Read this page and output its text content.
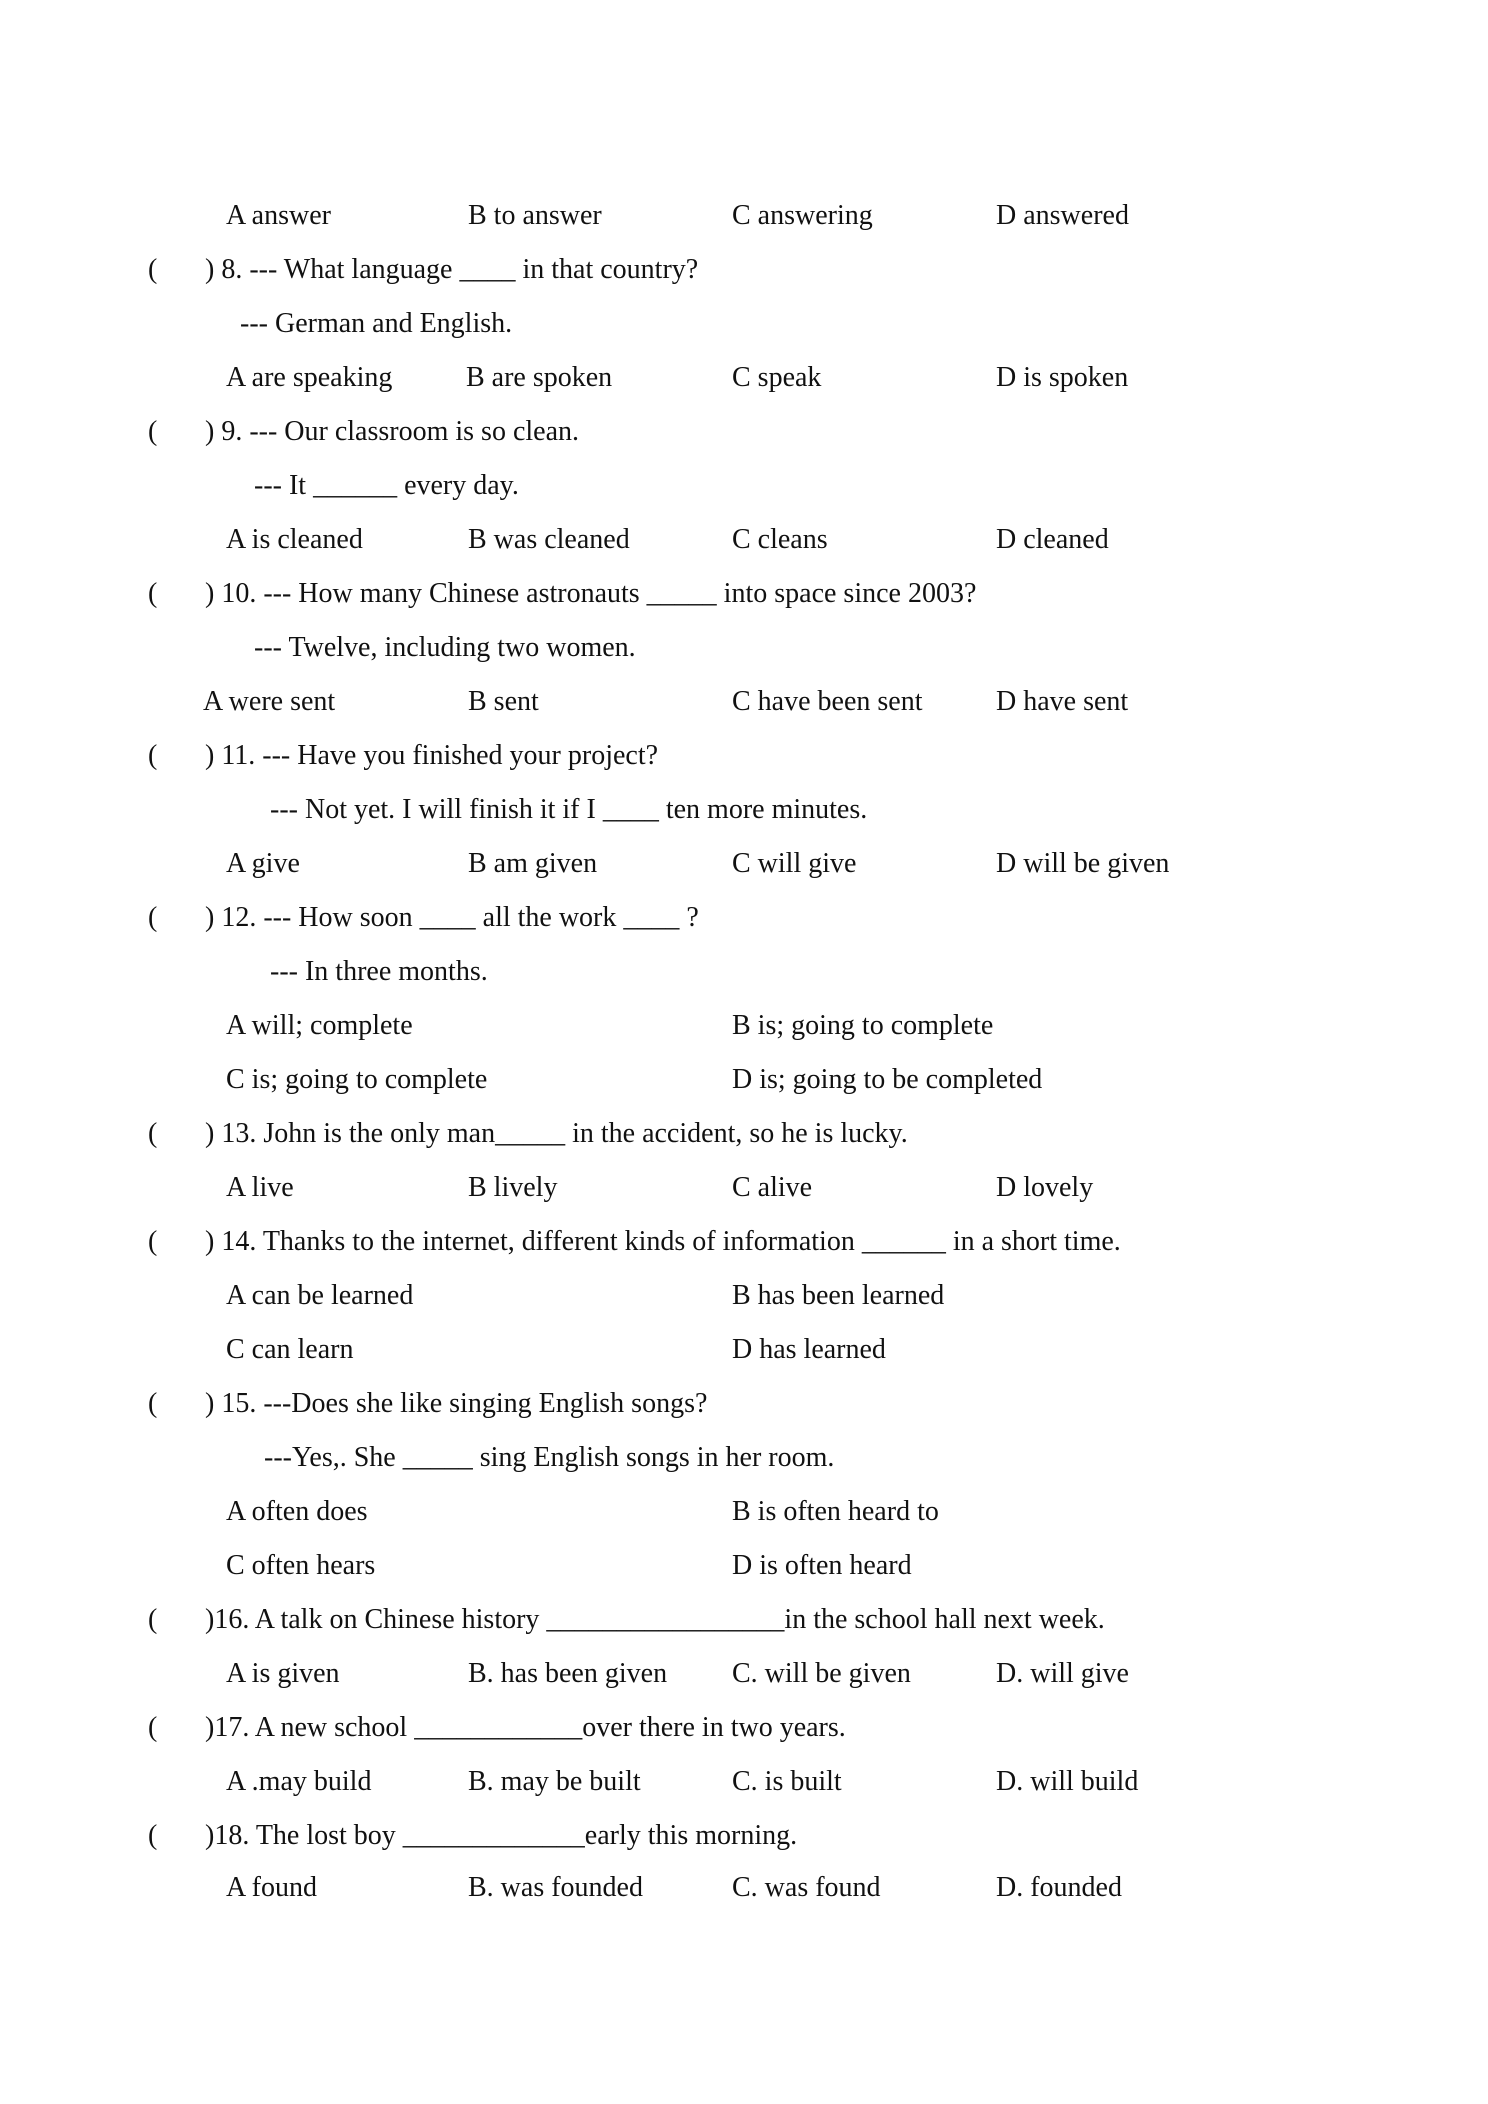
A answer	B to answer	C answering	D answered
( ) 8. --- What language ____ in that country?
--- German and English.
A are speaking	B are spoken	C speak	D is spoken
( ) 9. --- Our classroom is so clean.
--- It ______ every day.
A is cleaned	B was cleaned	C cleans	D cleaned
( ) 10. --- How many Chinese astronauts _____ into space since 2003?
--- Twelve, including two women.
A were sent	B sent	C have been sent	D have sent
( ) 11. --- Have you finished your project?
--- Not yet. I will finish it if I ____ ten more minutes.
A give	B am given	C will give	D will be given
( ) 12. --- How soon ____ all the work ____ ?
--- In three months.
A will; complete	B is; going to complete
C is; going to complete	D is; going to be completed
( ) 13. John is the only man_____ in the accident, so he is lucky.
A live	B lively	C alive	D lovely
( ) 14. Thanks to the internet, different kinds of information ______ in a short time.
A can be learned	B has been learned
C can learn	D has learned
( ) 15. ---Does she like singing English songs?
---Yes,. She _____ sing English songs in her room.
A often does	B is often heard to
C often hears	D is often heard
( )16. A talk on Chinese history _________________in the school hall next week.
A is given	B. has been given C. will be given	D. will give
( )17. A new school ____________over there in two years.
A .may build	B. may be built	C. is built	D. will build
( )18. The lost boy _____________early this morning.
A found	B. was founded	C. was found	D. founded
